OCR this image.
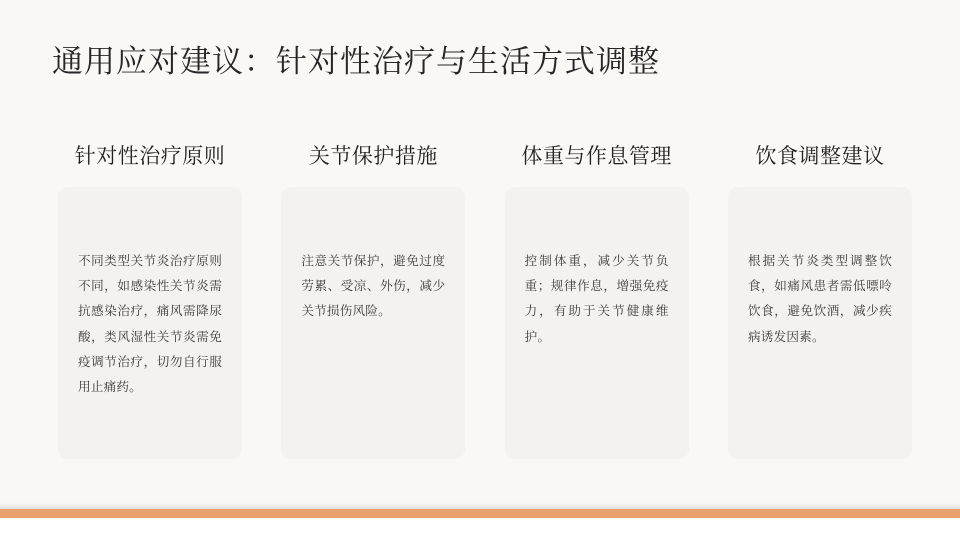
通用应对建议：针对性治疗与生活方式调整
针对性治疗原则
不同类型关节炎治疗原则不同，如感染性关节炎需抗感染治疗，痛风需降尿酸，类风湿性关节炎需免疫调节治疗，切勿自行服用止痛药。
关节保护措施
注意关节保护，避免过度劳累、受凉、外伤，减少关节损伤风险。
体重与作息管理
控制体重，减少关节负重；规律作息，增强免疫力，有助于关节健康维护。
饮食调整建议
根据关节炎类型调整饮食，如痛风患者需低嘌呤饮食，避免饮酒，减少疾病诱发因素。
